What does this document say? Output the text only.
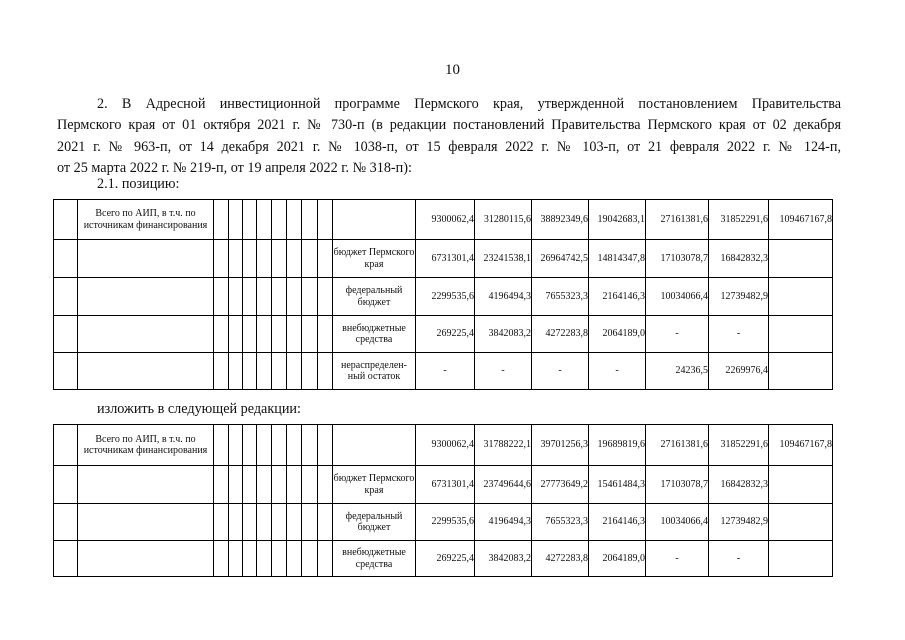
10
2. В Адресной инвестиционной программе Пермского края, утвержденной постановлением Правительства
Пермского края от 01 октября 2021 г. № 730-п (в редакции постановлений Правительства Пермского края от 02 декабря
2021 г. № 963-п, от 14 декабря 2021 г. № 1038-п, от 15 февраля 2022 г. № 103-п, от 21 февраля 2022 г. № 124-п,
от 25 марта 2022 г. № 219-п, от 19 апреля 2022 г. № 318-п):
2.1. позицию:
	Всего по АИП, в т.ч. по источникам финансирования										9300062,4	31280115,6	38892349,6	19042683,1	27161381,6	31852291,6	109467167,8
										бюджет Пермского края	6731301,4	23241538,1	26964742,5	14814347,8	17103078,7	16842832,3	
										федеральный бюджет	2299535,6	4196494,3	7655323,3	2164146,3	10034066,4	12739482,9	
										внебюджетные средства	269225,4	3842083,2	4272283,8	2064189,0	-	-	
										нераспределен-ный остаток	-	-	-	-	24236,5	2269976,4	
изложить в следующей редакции:
	Всего по АИП, в т.ч. по источникам финансирования										9300062,4	31788222,1	39701256,3	19689819,6	27161381,6	31852291,6	109467167,8
										бюджет Пермского края	6731301,4	23749644,6	27773649,2	15461484,3	17103078,7	16842832,3	
										федеральный бюджет	2299535,6	4196494,3	7655323,3	2164146,3	10034066,4	12739482,9	
										внебюджетные средства	269225,4	3842083,2	4272283,8	2064189,0	-	-	
